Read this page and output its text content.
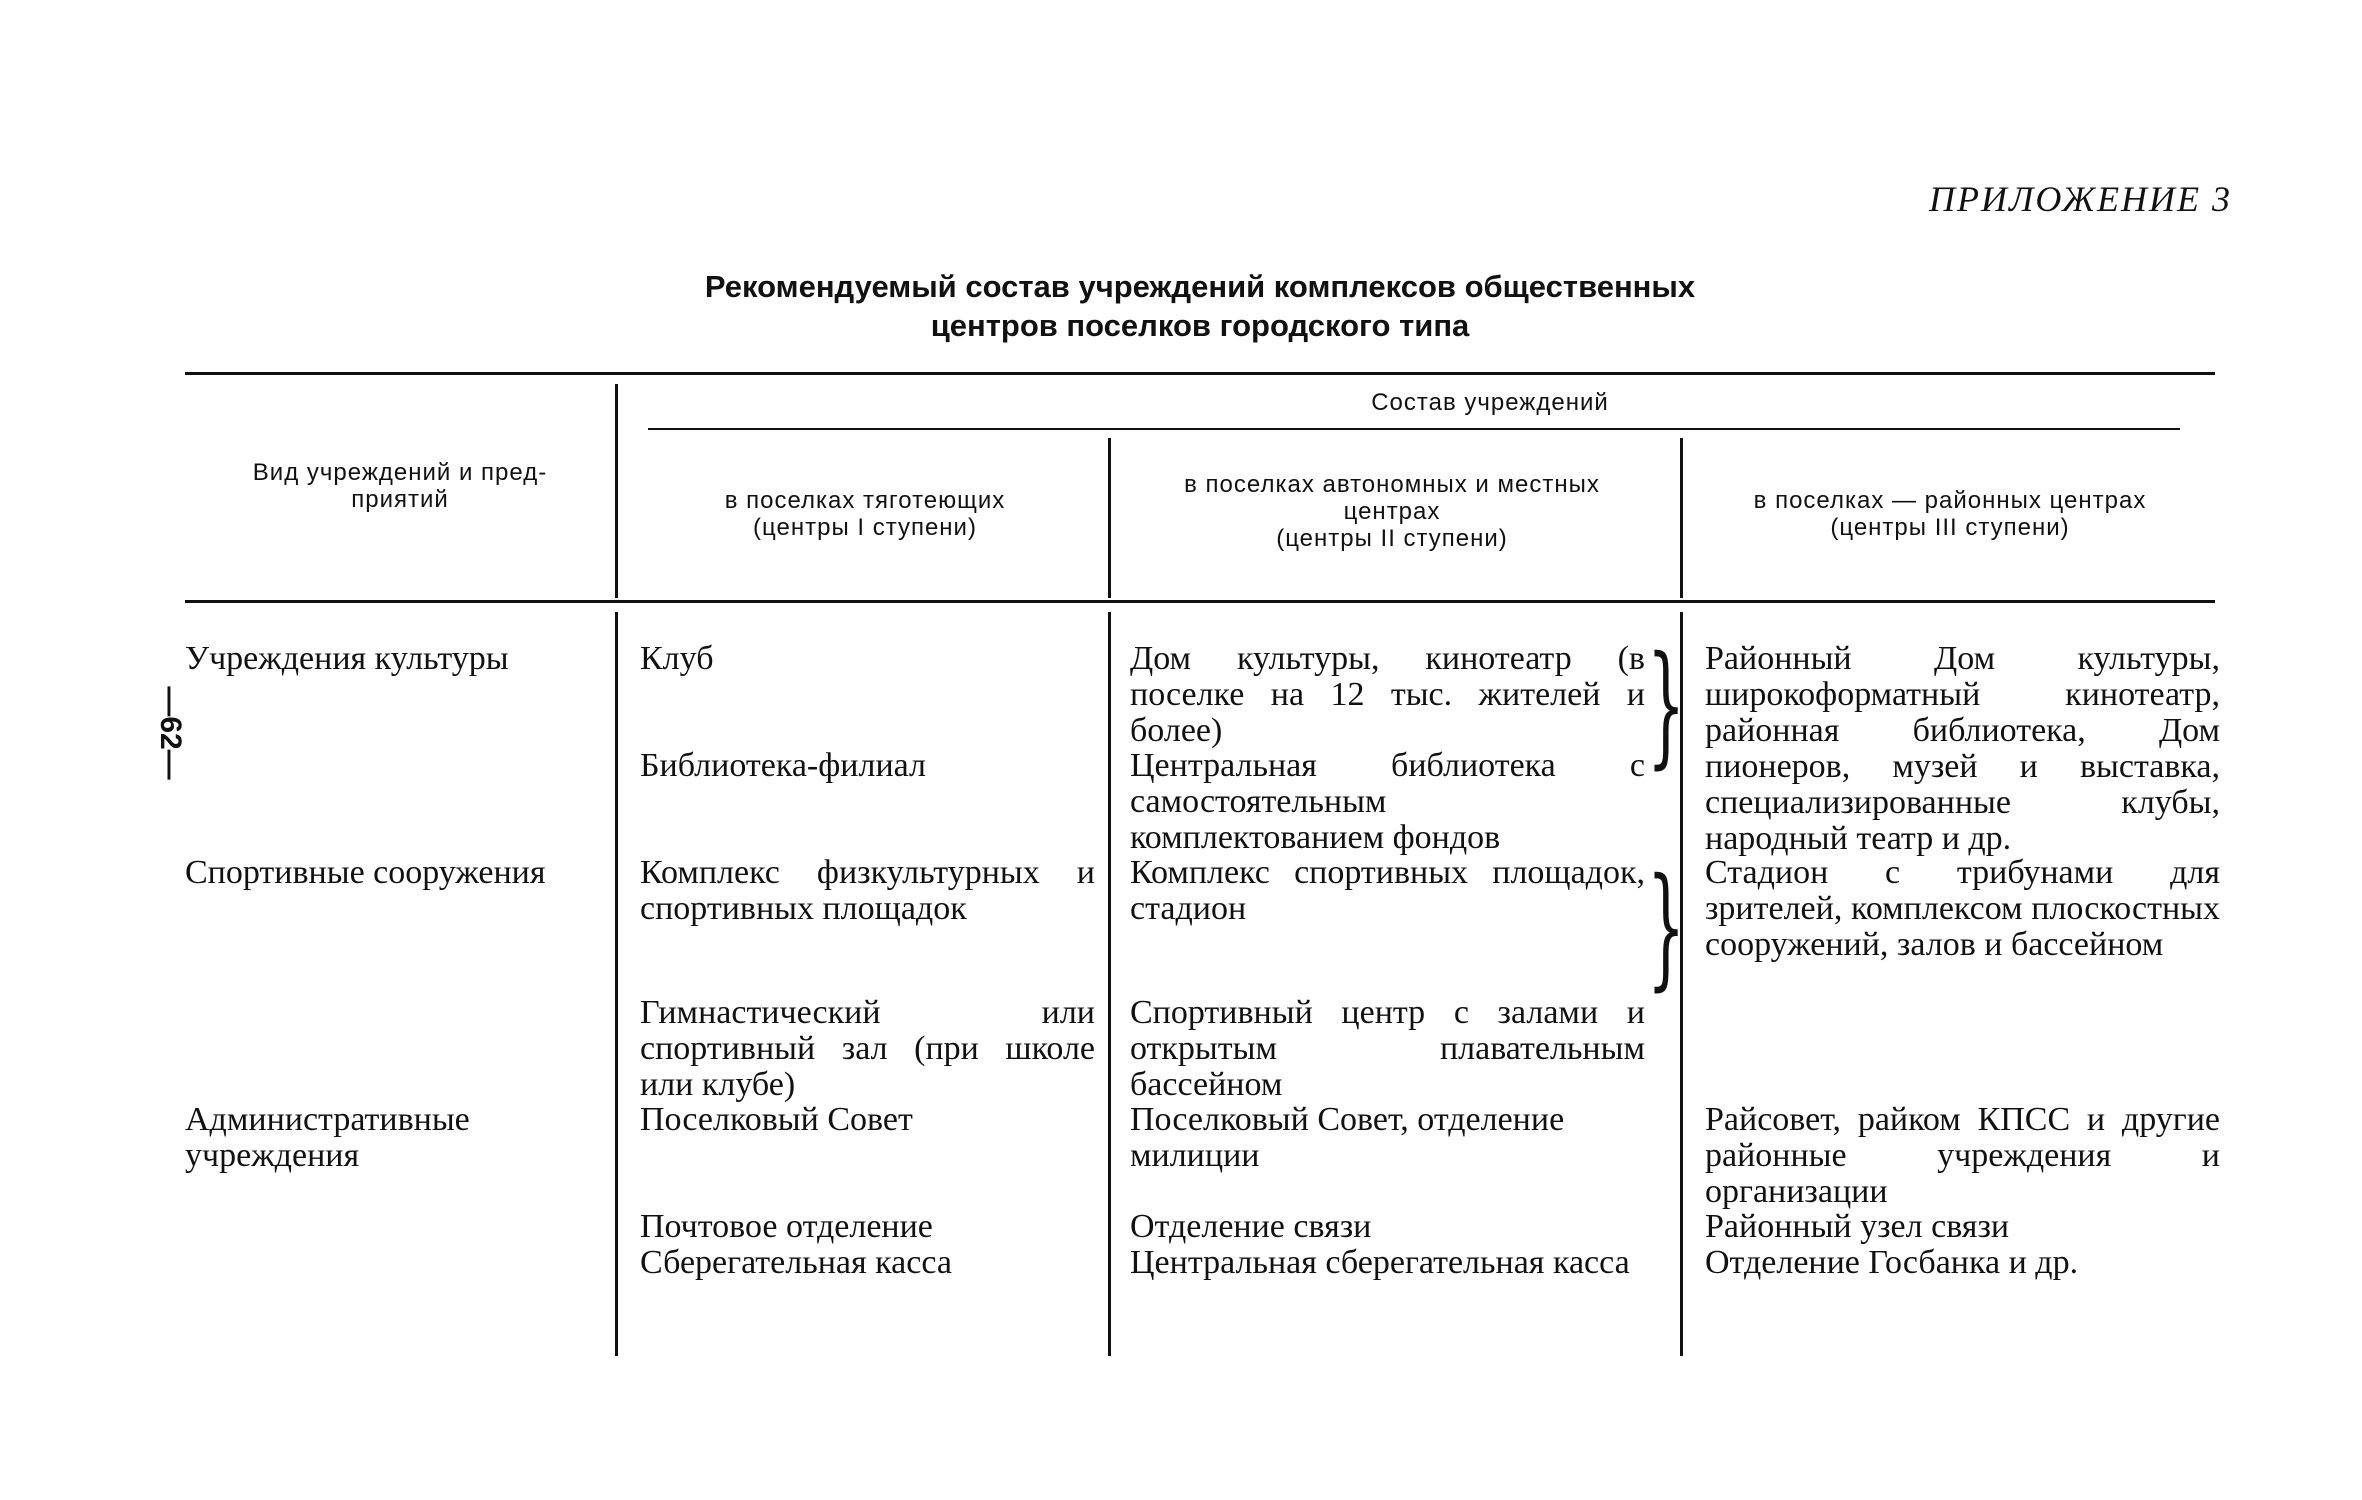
—62—
ПРИЛОЖЕНИЕ 3
Рекомендуемый состав учреждений комплексов общественных
центров поселков городского типа
Вид учреждений и пред-
приятий
Состав учреждений
в поселках тяготеющих
(центры I ступени)
в поселках автономных и местных
центрах
(центры II ступени)
в поселках — районных центрах
(центры III ступени)
Учреждения культуры	Клуб
Библиотека-филиал
Дом культуры, кинотеатр (в поселке на 12 тыс. жителей и более)
Центральная библиотека с самостоятельным комплектованием фондов
} Районный Дом культуры, широкоформатный кинотеатр, районная библиотека, Дом пионеров, музей и выставка, специализированные клубы, народный театр и др.
Спортивные сооружения	Комплекс физкультурных и спортивных площадок
Гимнастический или спортивный зал (при школе или клубе)
Комплекс спортивных площадок, стадион
Спортивный центр с залами и открытым плавательным бассейном
} Стадион с трибунами для зрителей, комплексом плоскостных сооружений, залов и бассейном
Административные учреждения
Поселковый Совет
Почтовое отделение
Сберегательная касса
Поселковый Совет, отделение милиции
Отделение связи
Центральная сберегательная касса
Райсовет, райком КПСС и другие районные учреждения и организации
Районный узел связи
Отделение Госбанка и др.
